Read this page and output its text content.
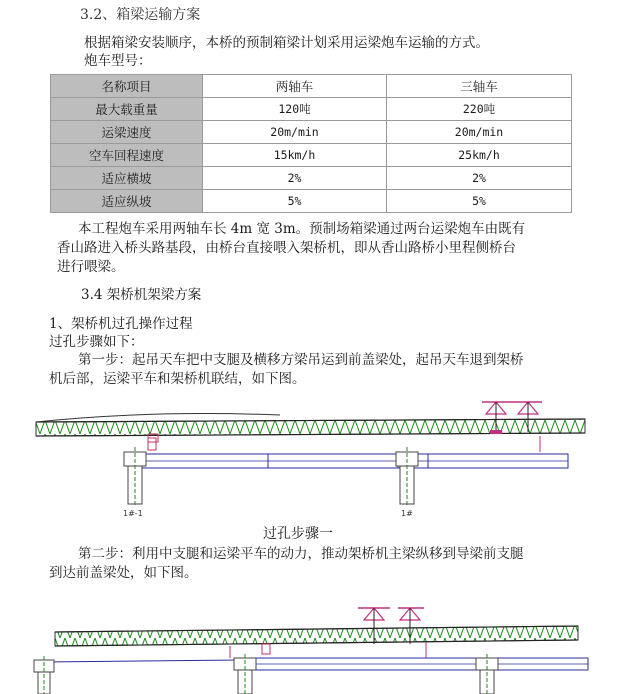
3.2、箱梁运输方案
根据箱梁安装顺序，本桥的预制箱梁计划采用运梁炮车运输的方式。
炮车型号：
名称项目	两轴车	三轴车
最大载重量	120吨	220吨
运梁速度	20m/min	20m/min
空车回程速度	15km/h	25km/h
适应横坡	2%	2%
适应纵坡	5%	5%
本工程炮车采用两轴车长 4m 宽 3m。预制场箱梁通过两台运梁炮车由既有
香山路进入桥头路基段，由桥台直接喂入架桥机，即从香山路桥小里程侧桥台
进行喂梁。
3.4 架桥机架梁方案
1、架桥机过孔操作过程
过孔步骤如下：
第一步：起吊天车把中支腿及横移方梁吊运到前盖梁处，起吊天车退到架桥
机后部，运梁平车和架桥机联结，如下图。
1#-1	1#
过孔步骤一
第二步：利用中支腿和运梁平车的动力，推动架桥机主梁纵移到导梁前支腿
到达前盖梁处，如下图。
